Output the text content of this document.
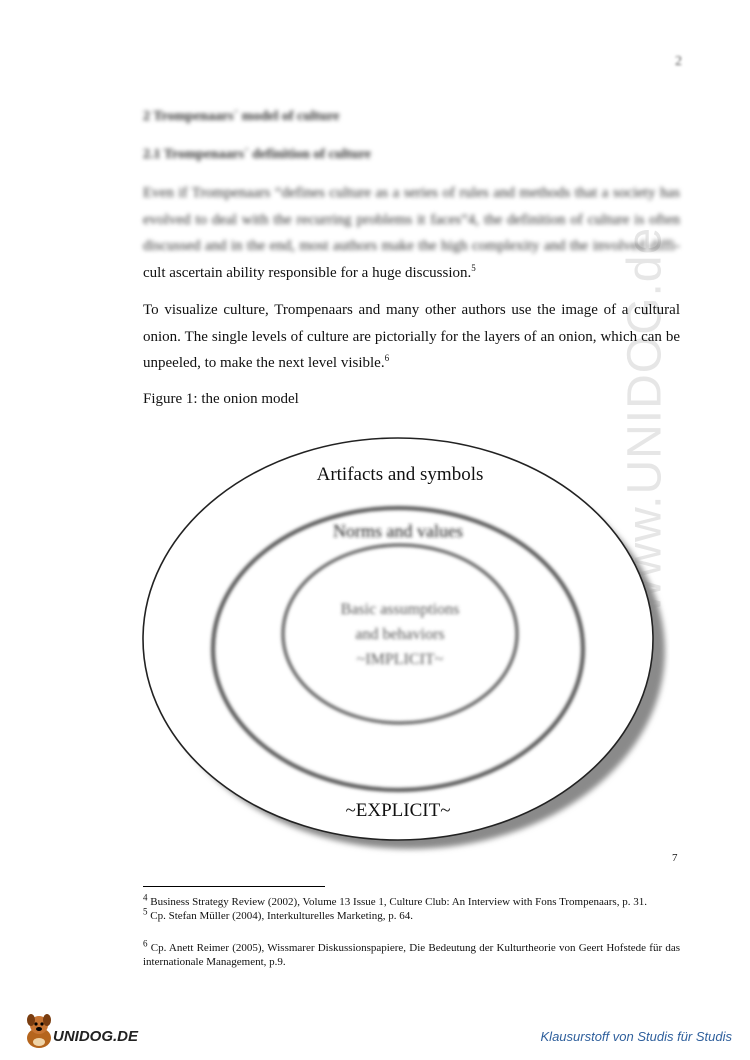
www.UNIDOG.de
2
2 Trompenaars´ model of culture
2.1 Trompenaars´ definition of culture
Even if Trompenaars “defines culture as a series of rules and methods that a society has evolved to deal with the recurring problems it faces”4, the definition of culture is often discussed and in the end, most authors make the high complexity and the involved diffi- cult ascertain ability responsible for a huge discussion.$^5$
To visualize culture, Trompenaars and many other authors use the image of a cultural onion. The single levels of culture are pictorially for the layers of an onion, which can be unpeeled, to make the next level visible.$^6$
Figure 1: the onion model
Artifacts and symbols
Norms and values
Basic assumptions
and behaviors
~IMPLICIT~
~EXPLICIT~
7

$^4$ Business Strategy Review (2002), Volume 13 Issue 1, Culture Club: An Interview with Fons Trompenaars, p. 31.

$^5$ Cp. Stefan Müller (2004), Interkulturelles Marketing, p. 64.

$^6$ Cp. Anett Reimer (2005), Wissmarer Diskussionspapiere, Die Bedeutung der Kulturtheorie von Geert Hofstede für das internationale Management, p.9.

UNIDOG.DE	Klausurstoff von Studis für Studis
